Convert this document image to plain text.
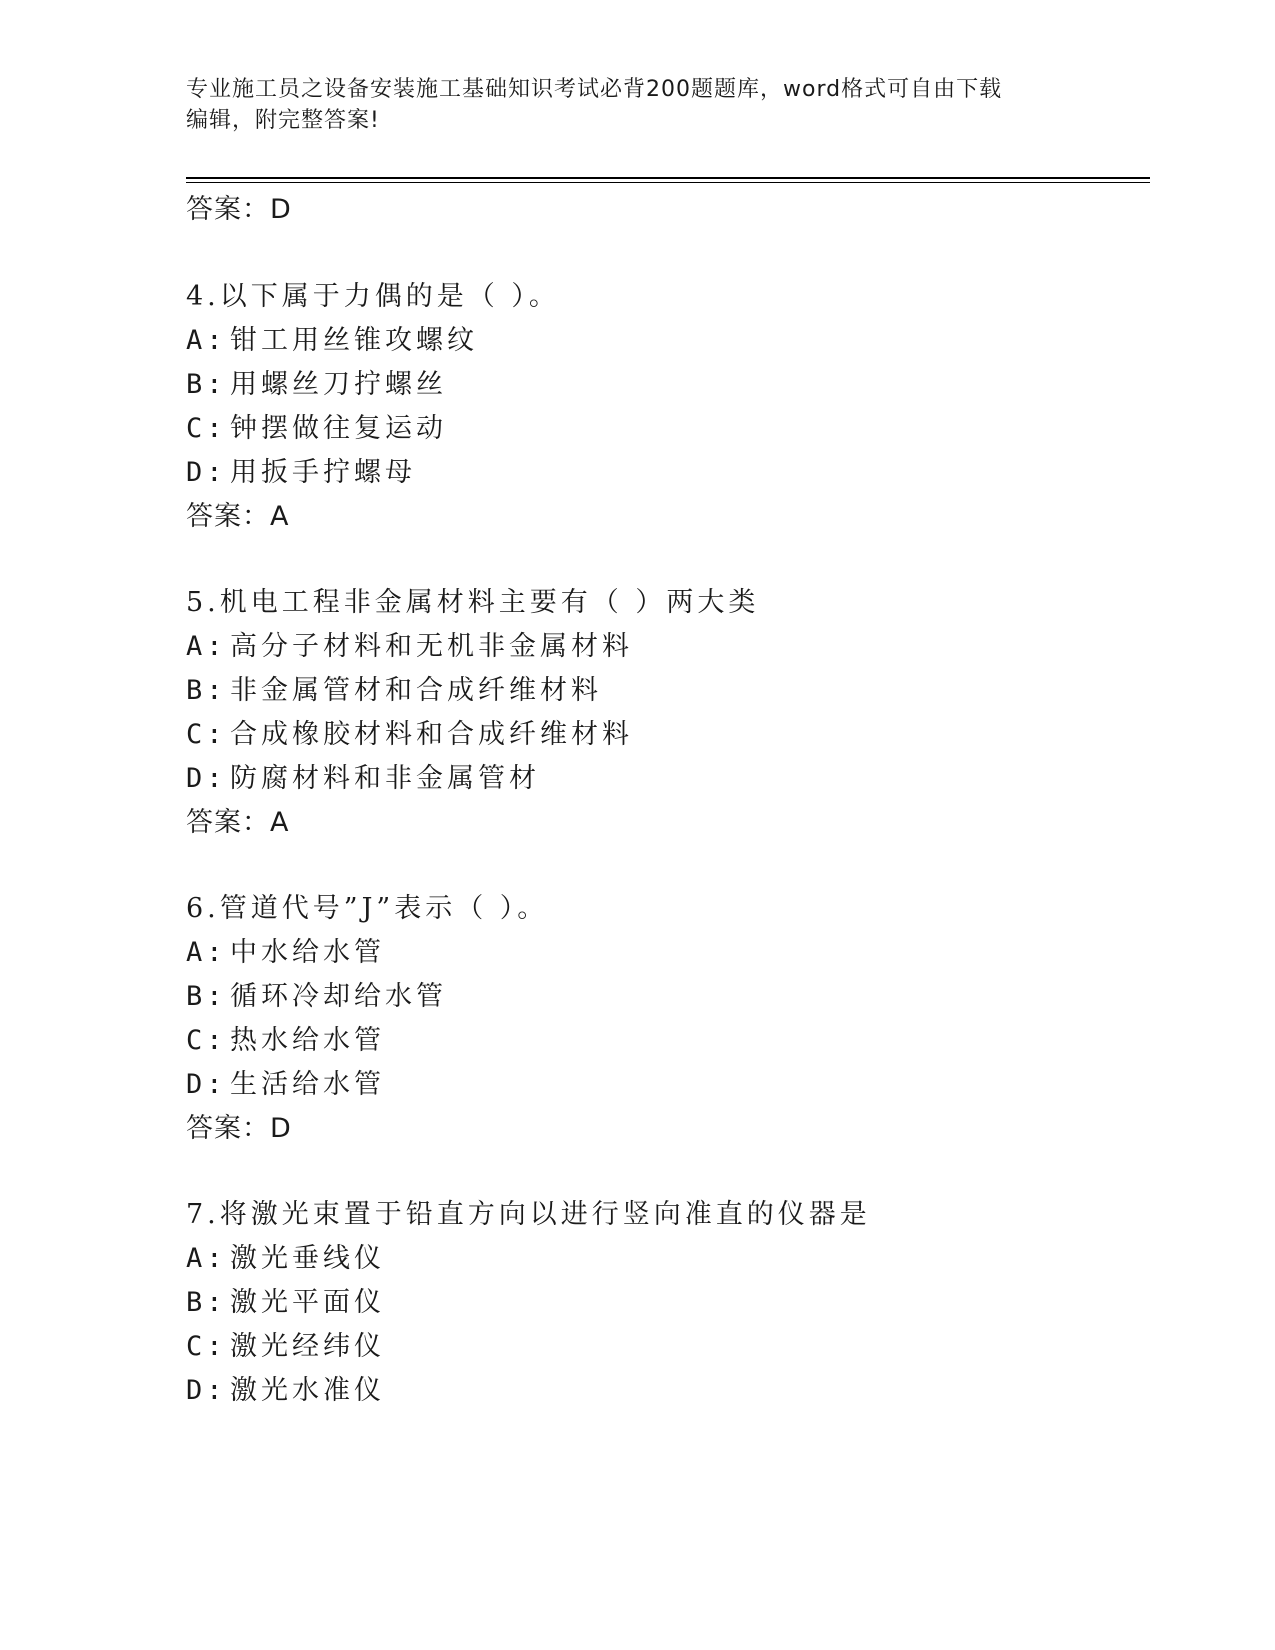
专业施工员之设备安装施工基础知识考试必背200题题库，word格式可自由下载
编辑，附完整答案!
答案：D
4.以下属于力偶的是（ ）。
A: 钳工用丝锥攻螺纹
B: 用螺丝刀拧螺丝
C: 钟摆做往复运动
D: 用扳手拧螺母
答案：A
5.机电工程非金属材料主要有（ ）两大类
A: 高分子材料和无机非金属材料
B: 非金属管材和合成纤维材料
C: 合成橡胶材料和合成纤维材料
D: 防腐材料和非金属管材
答案：A
6.管道代号”J”表示（ ）。
A: 中水给水管
B: 循环冷却给水管
C: 热水给水管
D: 生活给水管
答案：D
7.将激光束置于铅直方向以进行竖向准直的仪器是
A: 激光垂线仪
B: 激光平面仪
C: 激光经纬仪
D: 激光水准仪
